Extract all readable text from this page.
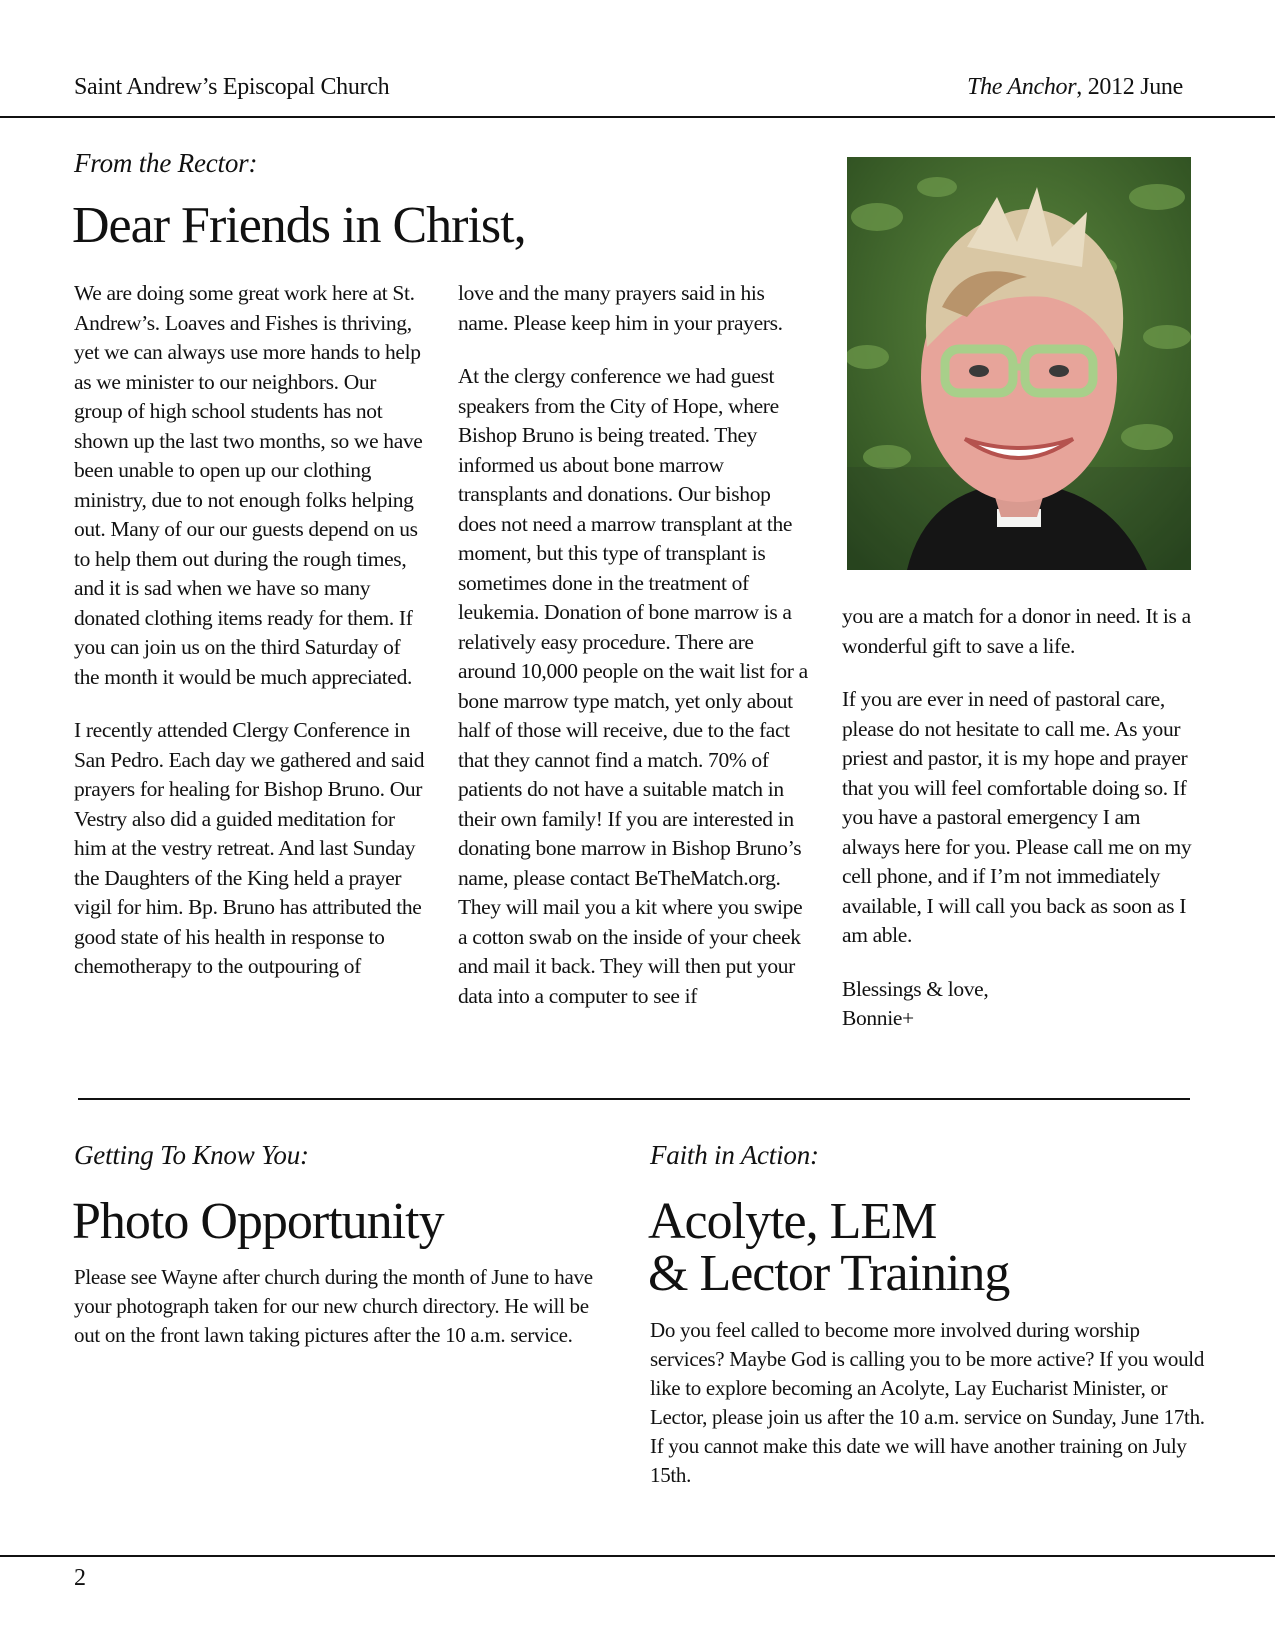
Saint Andrew’s Episcopal Church	The Anchor, 2012 June
From the Rector:
Dear Friends in Christ,

We are doing some great work here at St. Andrew’s. Loaves and Fishes is thriving, yet we can always use more hands to help as we minister to our neighbors. Our group of high school students has not shown up the last two months, so we have been unable to open up our clothing ministry, due to not enough folks helping out. Many of our our guests depend on us to help them out during the rough times, and it is sad when we have so many donated clothing items ready for them. If you can join us on the third Saturday of the month it would be much appreciated.

I recently attended Clergy Conference in San Pedro. Each day we gathered and said prayers for healing for Bishop Bruno. Our Vestry also did a guided meditation for him at the vestry retreat. And last Sunday the Daughters of the King held a prayer vigil for him. Bp. Bruno has attributed the good state of his health in response to chemotherapy to the outpouring of

love and the many prayers said in his name. Please keep him in your prayers.

At the clergy conference we had guest speakers from the City of Hope, where Bishop Bruno is being treated. They informed us about bone marrow transplants and donations. Our bishop does not need a marrow transplant at the moment, but this type of transplant is sometimes done in the treatment of leukemia. Donation of bone marrow is a relatively easy procedure. There are around 10,000 people on the wait list for a bone marrow type match, yet only about half of those will receive, due to the fact that they cannot find a match. 70% of patients do not have a suitable match in their own family! If you are interested in donating bone marrow in Bishop Bruno’s name, please contact BeTheMatch.org. They will mail you a kit where you swipe a cotton swab on the inside of your cheek and mail it back. They will then put your data into a computer to see if

you are a match for a donor in need. It is a wonderful gift to save a life.

If you are ever in need of pastoral care, please do not hesitate to call me. As your priest and pastor, it is my hope and prayer that you will feel comfortable doing so. If you have a pastoral emergency I am always here for you. Please call me on my cell phone, and if I’m not immediately available, I will call you back as soon as I am able.

Blessings & love,
Bonnie+

Getting To Know You:
Photo Opportunity

Please see Wayne after church during the month of June to have your photograph taken for our new church directory. He will be out on the front lawn taking pictures after the 10 a.m. service.

Faith in Action:
Acolyte, LEM
& Lector Training

Do you feel called to become more involved during worship services? Maybe God is calling you to be more active? If you would like to explore becoming an Acolyte, Lay Eucharist Minister, or Lector, please join us after the 10 a.m. service on Sunday, June 17th. If you cannot make this date we will have another training on July 15th.

2
